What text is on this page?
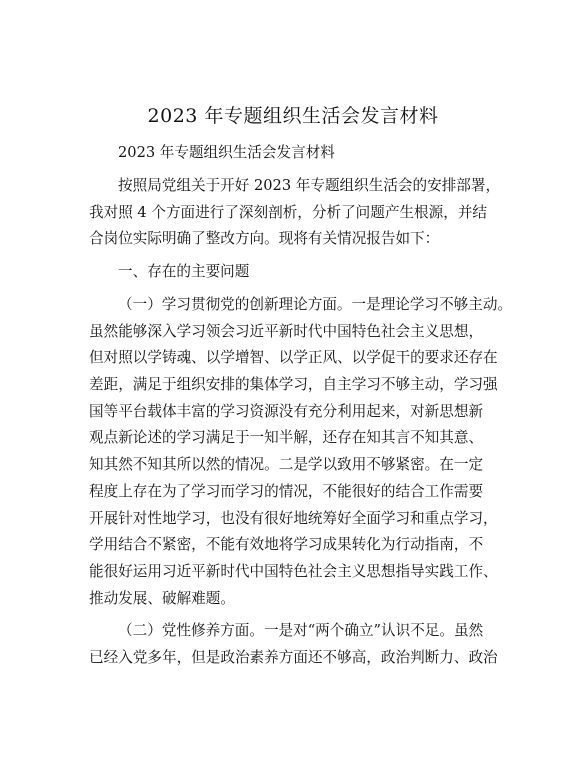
2023 年专题组织生活会发言材料
2023 年专题组织生活会发言材料
按照局党组关于开好 2023 年专题组织生活会的安排部署，
我对照 4 个方面进行了深刻剖析，分析了问题产生根源，并结
合岗位实际明确了整改方向。现将有关情况报告如下：
一、存在的主要问题
（一）学习贯彻党的创新理论方面。一是理论学习不够主动。
虽然能够深入学习领会习近平新时代中国特色社会主义思想，
但对照以学铸魂、以学增智、以学正风、以学促干的要求还存在
差距，满足于组织安排的集体学习，自主学习不够主动，学习强
国等平台载体丰富的学习资源没有充分利用起来，对新思想新
观点新论述的学习满足于一知半解，还存在知其言不知其意、
知其然不知其所以然的情况。二是学以致用不够紧密。在一定
程度上存在为了学习而学习的情况，不能很好的结合工作需要
开展针对性地学习，也没有很好地统筹好全面学习和重点学习，
学用结合不紧密，不能有效地将学习成果转化为行动指南，不
能很好运用习近平新时代中国特色社会主义思想指导实践工作、
推动发展、破解难题。
（二）党性修养方面。一是对“两个确立”认识不足。虽然
已经入党多年，但是政治素养方面还不够高，政治判断力、政治
